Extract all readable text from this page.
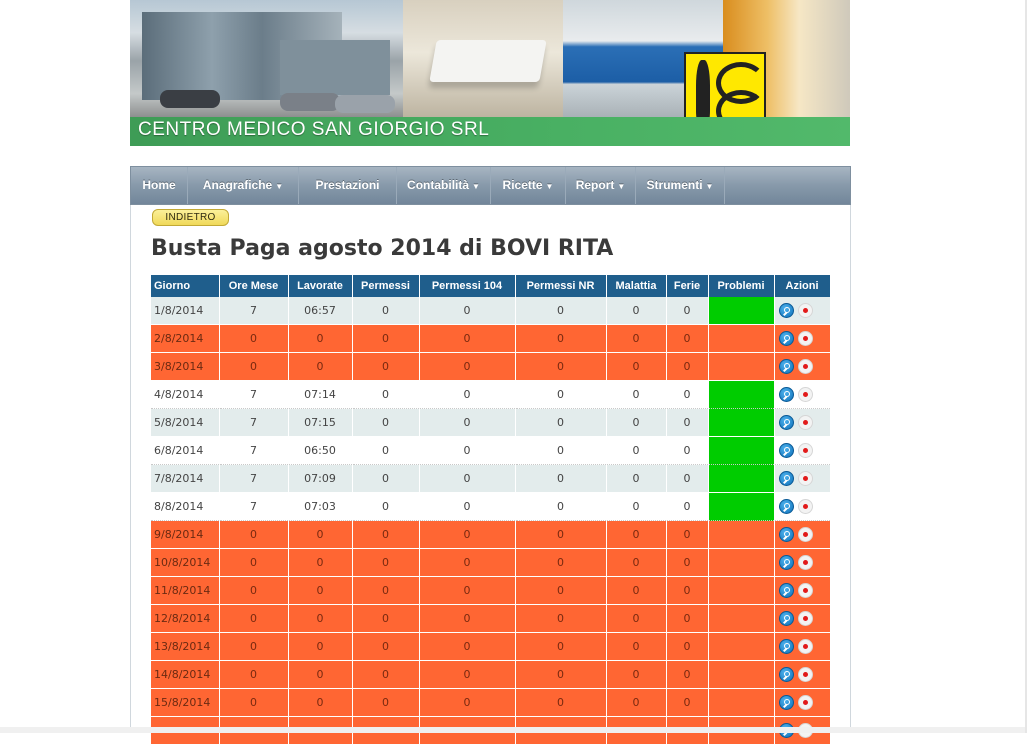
CENTRO MEDICO SAN GIORGIO SRL
Home	Anagrafiche ▼	Prestazioni	Contabilità ▼	Ricette ▼	Report ▼	Strumenti ▼
INDIETRO
Busta Paga agosto 2014 di BOVI RITA
Giorno	Ore Mese	Lavorate	Permessi	Permessi 104	Permessi NR	Malattia	Ferie	Problemi	Azioni
1/8/2014	7	06:57	0	0	0	0	0		
2/8/2014	0	0	0	0	0	0	0		
3/8/2014	0	0	0	0	0	0	0		
4/8/2014	7	07:14	0	0	0	0	0		
5/8/2014	7	07:15	0	0	0	0	0		
6/8/2014	7	06:50	0	0	0	0	0		
7/8/2014	7	07:09	0	0	0	0	0		
8/8/2014	7	07:03	0	0	0	0	0		
9/8/2014	0	0	0	0	0	0	0		
10/8/2014	0	0	0	0	0	0	0		
11/8/2014	0	0	0	0	0	0	0		
12/8/2014	0	0	0	0	0	0	0		
13/8/2014	0	0	0	0	0	0	0		
14/8/2014	0	0	0	0	0	0	0		
15/8/2014	0	0	0	0	0	0	0		
